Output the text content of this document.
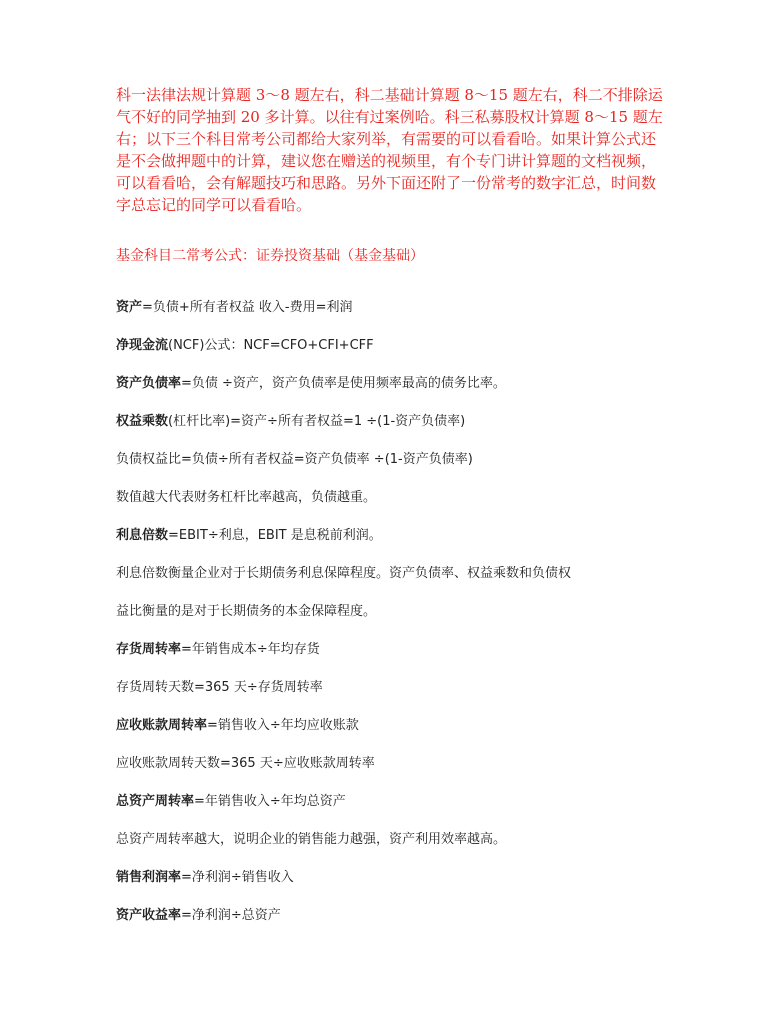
科一法律法规计算题 3～8 题左右，科二基础计算题 8～15 题左右，科二不排除运气不好的同学抽到 20 多计算。以往有过案例哈。科三私募股权计算题 8～15 题左右；以下三个科目常考公司都给大家列举，有需要的可以看看哈。如果计算公式还是不会做押题中的计算，建议您在赠送的视频里，有个专门讲计算题的文档视频，可以看看哈，会有解题技巧和思路。另外下面还附了一份常考的数字汇总，时间数字总忘记的同学可以看看哈。
基金科目二常考公式：证券投资基础（基金基础）
资产=负债+所有者权益 收入-费用=利润
净现金流(NCF)公式：NCF=CFO+CFI+CFF
资产负债率=负债 ÷资产，资产负债率是使用频率最高的债务比率。
权益乘数(杠杆比率)=资产÷所有者权益=1 ÷(1-资产负债率)
负债权益比=负债÷所有者权益=资产负债率 ÷(1-资产负债率)
数值越大代表财务杠杆比率越高，负债越重。
利息倍数=EBIT÷利息，EBIT 是息税前利润。
利息倍数衡量企业对于长期债务利息保障程度。资产负债率、权益乘数和负债权
益比衡量的是对于长期债务的本金保障程度。
存货周转率=年销售成本÷年均存货
存货周转天数=365 天÷存货周转率
应收账款周转率=销售收入÷年均应收账款
应收账款周转天数=365 天÷应收账款周转率
总资产周转率=年销售收入÷年均总资产
总资产周转率越大，说明企业的销售能力越强，资产利用效率越高。
销售利润率=净利润÷销售收入
资产收益率=净利润÷总资产
